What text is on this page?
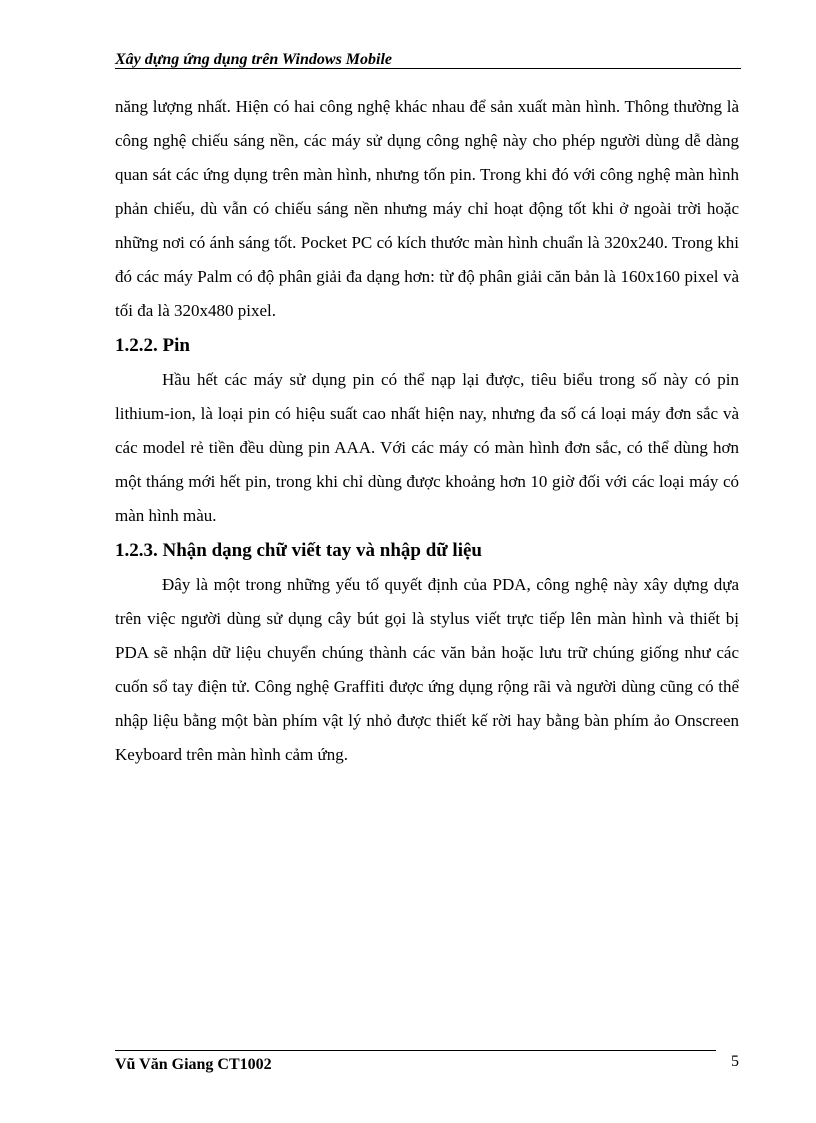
Xây dựng ứng dụng trên Windows Mobile

năng lượng nhất. Hiện có hai công nghệ khác nhau để sản xuất màn hình. Thông thường là công nghệ chiếu sáng nền, các máy sử dụng công nghệ này cho phép người dùng dễ dàng quan sát các ứng dụng trên màn hình, nhưng tốn pin. Trong khi đó với công nghệ màn hình phản chiếu, dù vẫn có chiếu sáng nền nhưng máy chỉ hoạt động tốt khi ở ngoài trời hoặc những nơi có ánh sáng tốt. Pocket PC có kích thước màn hình chuẩn là 320x240. Trong khi đó các máy Palm có độ phân giải đa dạng hơn: từ độ phân giải căn bản là 160x160 pixel và tối đa là 320x480 pixel.

1.2.2. Pin

Hầu hết các máy sử dụng pin có thể nạp lại được, tiêu biểu trong số này có pin lithium-ion, là loại pin có hiệu suất cao nhất hiện nay, nhưng đa số cá loại máy đơn sắc và các model rẻ tiền đều dùng pin AAA. Với các máy có màn hình đơn sắc, có thể dùng hơn một tháng mới hết pin, trong khi chỉ dùng được khoảng hơn 10 giờ đối với các loại máy có màn hình màu.

1.2.3. Nhận dạng chữ viết tay và nhập dữ liệu

Đây là một trong những yếu tố quyết định của PDA, công nghệ này xây dựng dựa trên việc người dùng sử dụng cây bút gọi là stylus viết trực tiếp lên màn hình và thiết bị PDA sẽ nhận dữ liệu chuyển chúng thành các văn bản hoặc lưu trữ chúng giống như các cuốn sổ tay điện tử. Công nghệ Graffiti được ứng dụng rộng rãi và người dùng cũng có thể nhập liệu bằng một bàn phím vật lý nhỏ được thiết kế rời hay bằng bàn phím ảo Onscreen Keyboard trên màn hình cảm ứng.

Vũ Văn Giang CT1002	5
